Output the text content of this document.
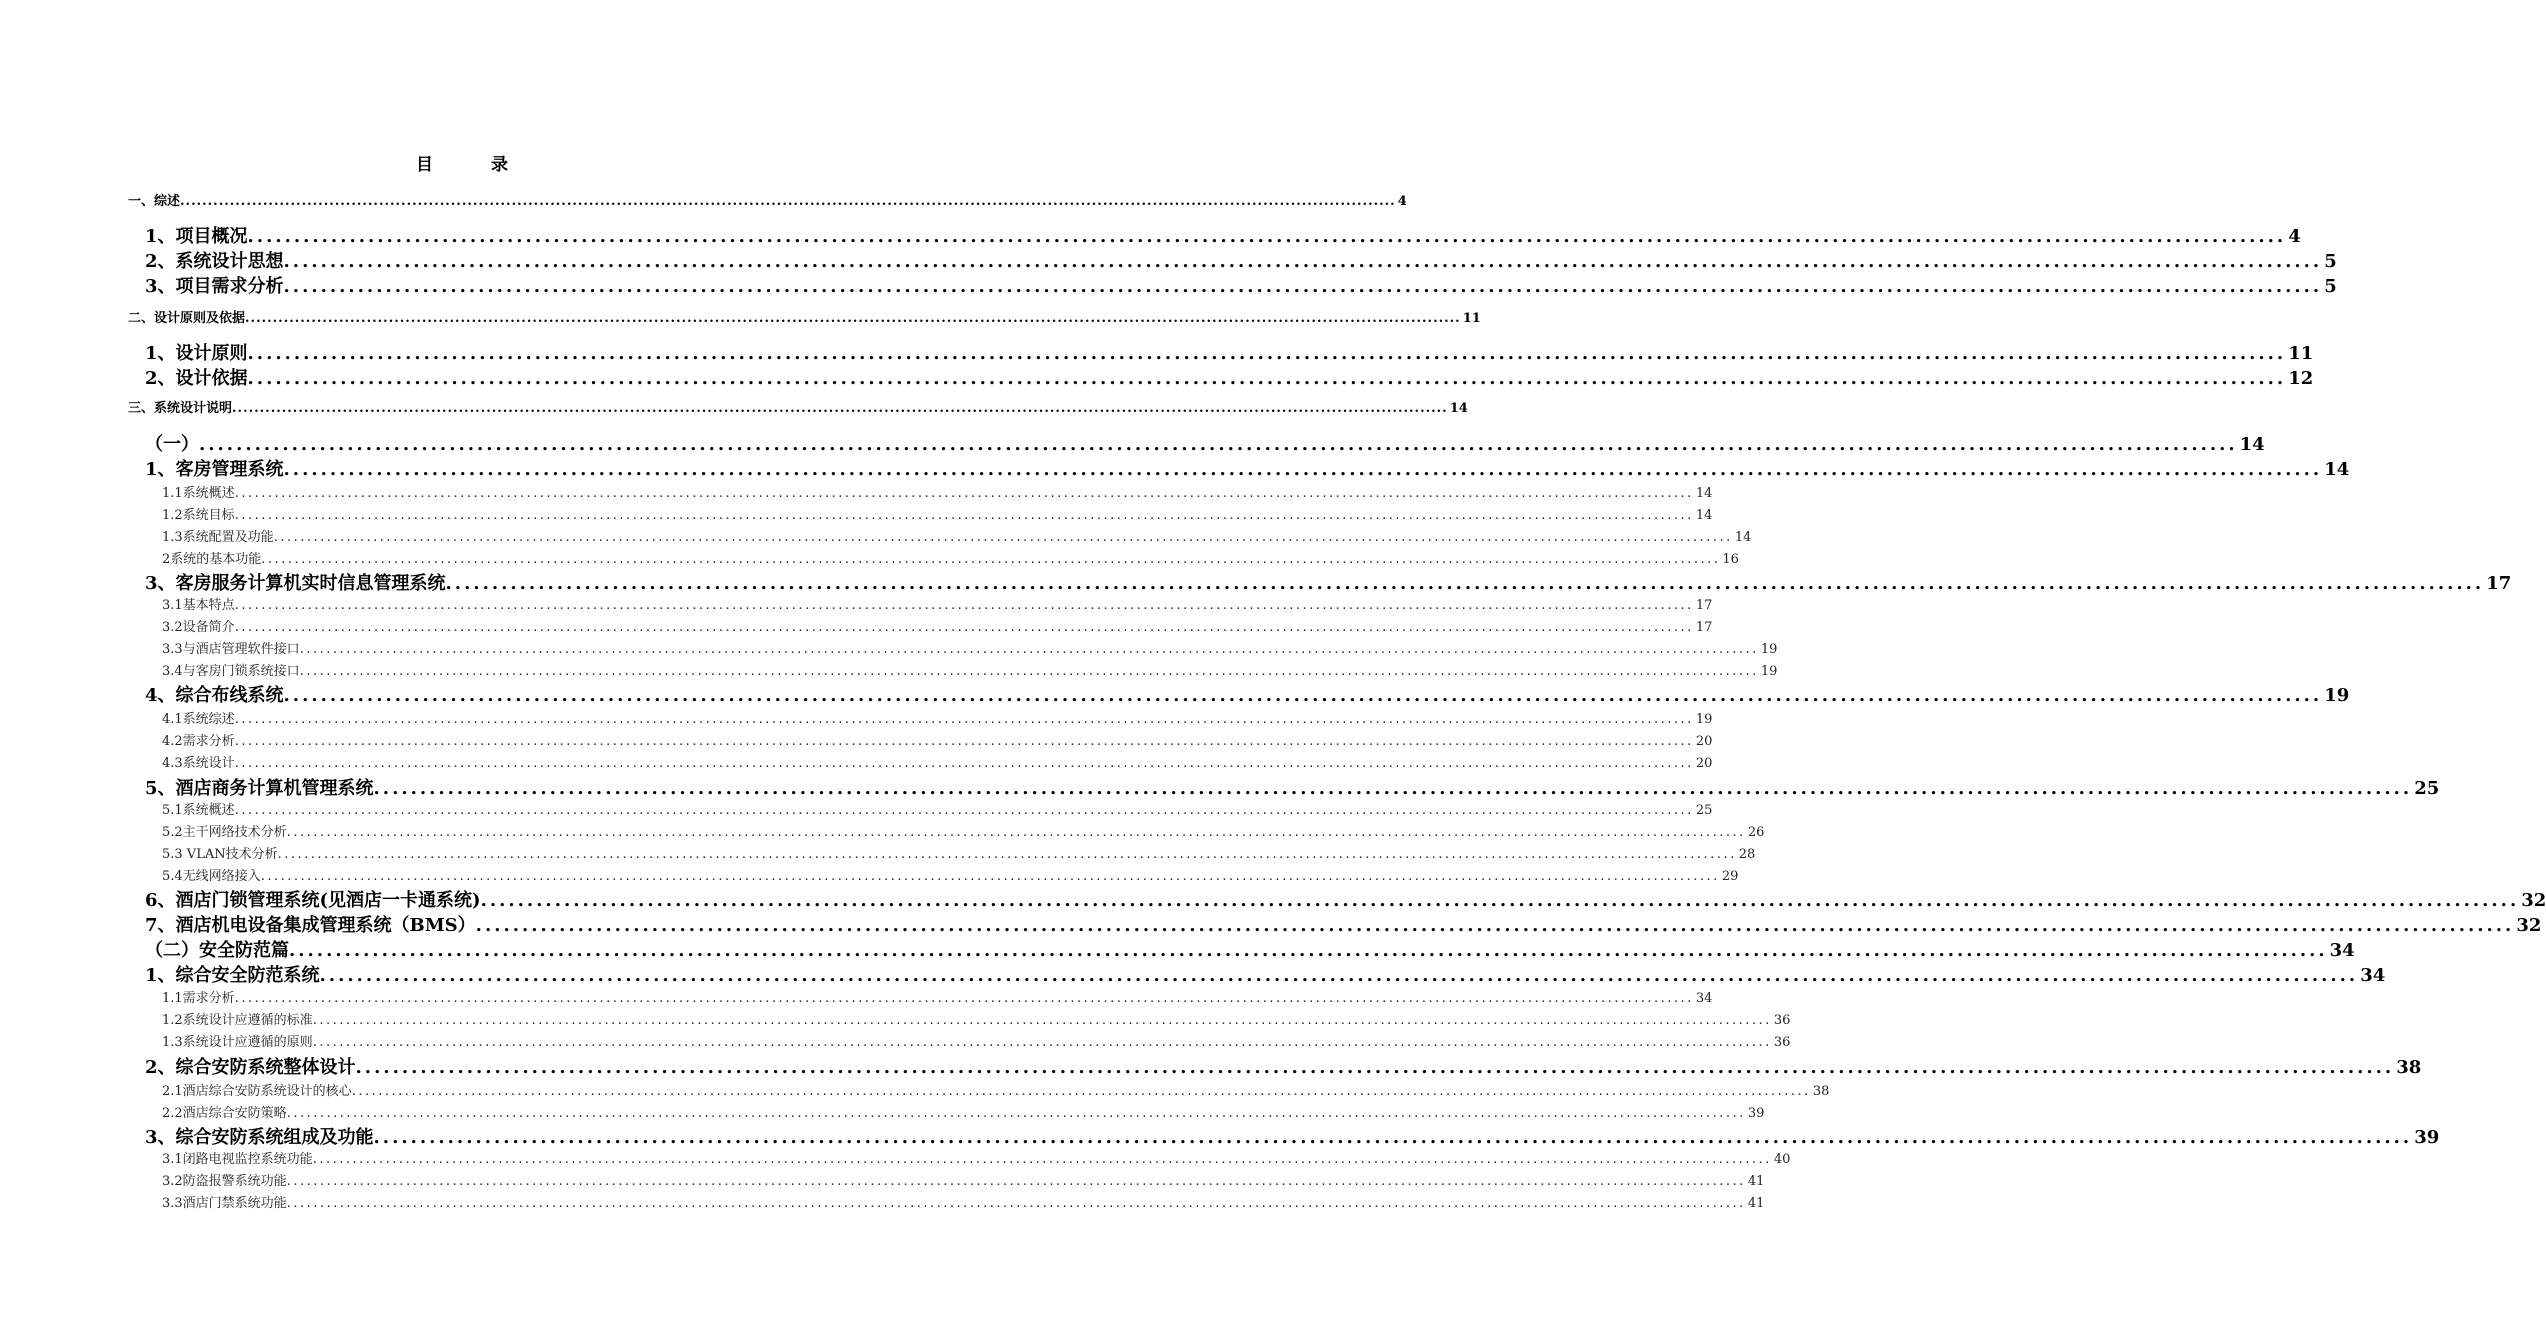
目 录
一、综述 ............................................................................................................................................................................................................................ 4
1、项目概况 ............................................................................................................................................................................................................................ 4
2、系统设计思想 ............................................................................................................................................................................................................................ 5
3、项目需求分析 ............................................................................................................................................................................................................................ 5
二、设计原则及依据 ............................................................................................................................................................................................................................ 11
1、设计原则 ............................................................................................................................................................................................................................ 11
2、设计依据 ............................................................................................................................................................................................................................ 12
三、系统设计说明 ............................................................................................................................................................................................................................ 14
（一） ............................................................................................................................................................................................................................ 14
1、客房管理系统 ............................................................................................................................................................................................................................ 14
1.1系统概述 ............................................................................................................................................................................................................................ 14
1.2系统目标 ............................................................................................................................................................................................................................ 14
1.3系统配置及功能 ............................................................................................................................................................................................................................ 14
2系统的基本功能 ............................................................................................................................................................................................................................ 16
3、客房服务计算机实时信息管理系统 ............................................................................................................................................................................................................................ 17
3.1基本特点 ............................................................................................................................................................................................................................ 17
3.2设备简介 ............................................................................................................................................................................................................................ 17
3.3与酒店管理软件接口 ............................................................................................................................................................................................................................ 19
3.4与客房门锁系统接口 ............................................................................................................................................................................................................................ 19
4、综合布线系统 ............................................................................................................................................................................................................................ 19
4.1系统综述 ............................................................................................................................................................................................................................ 19
4.2需求分析 ............................................................................................................................................................................................................................ 20
4.3系统设计 ............................................................................................................................................................................................................................ 20
5、酒店商务计算机管理系统 ............................................................................................................................................................................................................................ 25
5.1系统概述 ............................................................................................................................................................................................................................ 25
5.2主干网络技术分析 ............................................................................................................................................................................................................................ 26
5.3 VLAN技术分析 ............................................................................................................................................................................................................................ 28
5.4无线网络接入 ............................................................................................................................................................................................................................ 29
6、酒店门锁管理系统(见酒店一卡通系统) ............................................................................................................................................................................................................................ 32
7、酒店机电设备集成管理系统（BMS） ............................................................................................................................................................................................................................ 32
（二）安全防范篇 ............................................................................................................................................................................................................................ 34
1、综合安全防范系统 ............................................................................................................................................................................................................................ 34
1.1需求分析 ............................................................................................................................................................................................................................ 34
1.2系统设计应遵循的标准 ............................................................................................................................................................................................................................ 36
1.3系统设计应遵循的原则 ............................................................................................................................................................................................................................ 36
2、综合安防系统整体设计 ............................................................................................................................................................................................................................ 38
2.1酒店综合安防系统设计的核心 ............................................................................................................................................................................................................................ 38
2.2酒店综合安防策略 ............................................................................................................................................................................................................................ 39
3、综合安防系统组成及功能 ............................................................................................................................................................................................................................ 39
3.1闭路电视监控系统功能 ............................................................................................................................................................................................................................ 40
3.2防盗报警系统功能 ............................................................................................................................................................................................................................ 41
3.3酒店门禁系统功能 ............................................................................................................................................................................................................................ 41
